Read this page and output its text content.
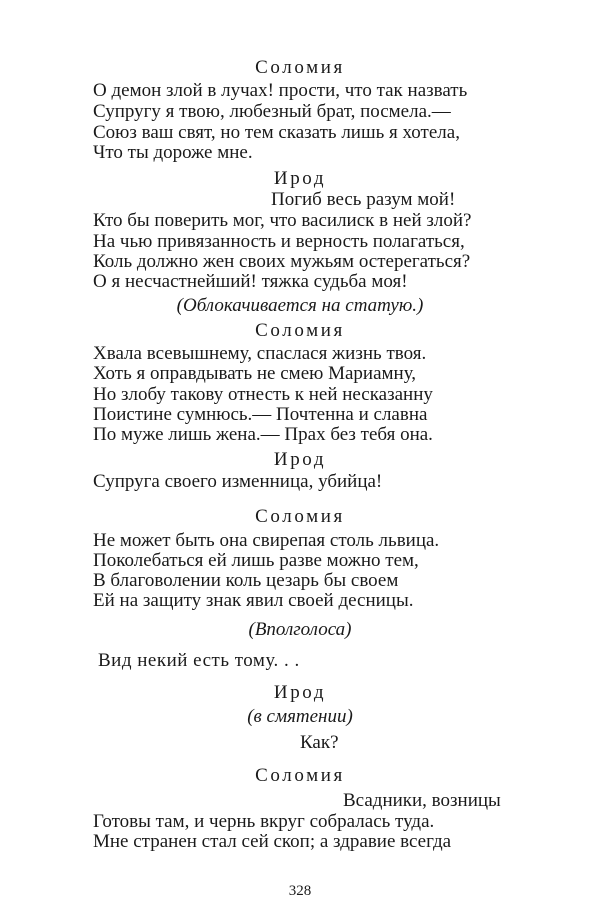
Соломия
О демон злой в лучах! прости, что так назвать
Супругу я твою, любезный брат, посмела.—
Союз ваш свят, но тем сказать лишь я хотела,
Что ты дороже мне.
Ирод
Погиб весь разум мой!
Кто бы поверить мог, что василиск в ней злой?
На чью привязанность и верность полагаться,
Коль должно жен своих мужьям остерегаться?
О я несчастнейший! тяжка судьба моя!
(Облокачивается на статую.)
Соломия
Хвала всевышнему, спаслася жизнь твоя.
Хоть я оправдывать не смею Мариамну,
Но злобу такову отнесть к ней несказанну
Поистине сумнюсь.— Почтенна и славна
По муже лишь жена.— Прах без тебя она.
Ирод
Супруга своего изменница, убийца!
Соломия
Не может быть она свирепая столь львица.
Поколебаться ей лишь разве можно тем,
В благоволении коль цезарь бы своем
Ей на защиту знак явил своей десницы.
(Вполголоса)
Вид некий есть тому. . .
Ирод
(в смятении)
Как?
Соломия
Всадники, возницы
Готовы там, и чернь вкруг собралась туда.
Мне странен стал сей скоп; а здравие всегда
328
